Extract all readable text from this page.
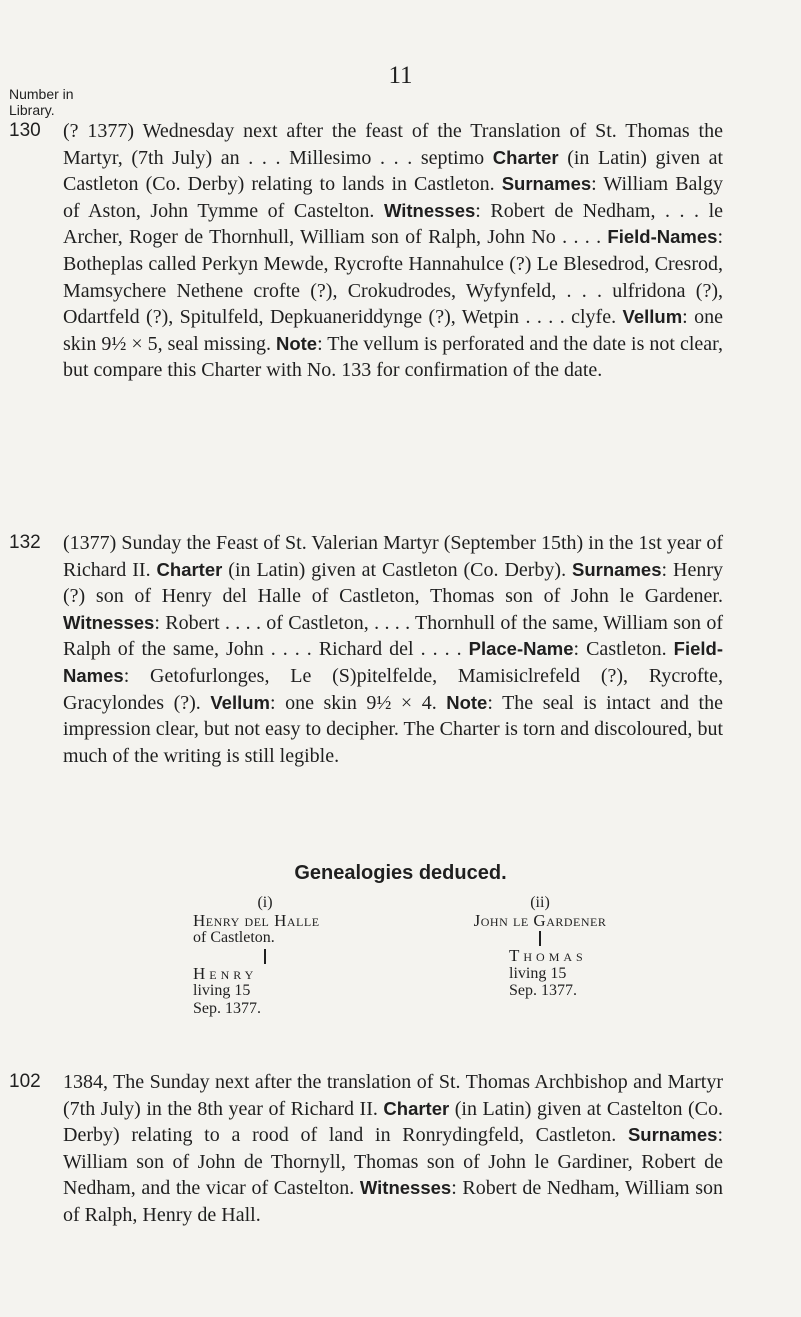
11
Number in
Library.
130 (? 1377) Wednesday next after the feast of the Translation of St. Thomas the Martyr, (7th July) an . . . Millesimo . . . septimo Charter (in Latin) given at Castleton (Co. Derby) relating to lands in Castleton. Surnames: William Balgy of Aston, John Tymme of Castelton. Witnesses: Robert de Nedham, . . . le Archer, Roger de Thornhull, William son of Ralph, John No . . . . Field-Names: Botheplas called Perkyn Mewde, Rycrofte Hannahulce (?) Le Blesedrod, Cresrod, Mamsychere Nethene crofte (?), Crokudrodes, Wyfynfeld, . . . ulfridona (?), Odartfeld (?), Spitulfeld, Depkuaneriddynge (?), Wetpin . . . . clyfe. Vellum: one skin 9½ × 5, seal missing. Note: The vellum is perforated and the date is not clear, but compare this Charter with No. 133 for confirmation of the date.
132 (1377) Sunday the Feast of St. Valerian Martyr (September 15th) in the 1st year of Richard II. Charter (in Latin) given at Castleton (Co. Derby). Surnames: Henry (?) son of Henry del Halle of Castleton, Thomas son of John le Gardener. Witnesses: Robert . . . . of Castleton, . . . . Thornhull of the same, William son of Ralph of the same, John . . . . Richard del . . . . Place-Name: Castleton. Field-Names: Getofurlonges, Le (S)pitelfelde, Mamisiclrefeld (?), Rycrofte, Gracylondes (?). Vellum: one skin 9½ × 4. Note: The seal is intact and the impression clear, but not easy to decipher. The Charter is torn and discoloured, but much of the writing is still legible.
Genealogies deduced.
(i)
Henry del Halle
of Castleton.
Henry
living 15
Sep. 1377.
(ii)
John le Gardener
Thomas
living 15
Sep. 1377.
102 1384, The Sunday next after the translation of St. Thomas Archbishop and Martyr (7th July) in the 8th year of Richard II. Charter (in Latin) given at Castelton (Co. Derby) relating to a rood of land in Ronrydingfeld, Castleton. Surnames: William son of John de Thornyll, Thomas son of John le Gardiner, Robert de Nedham, and the vicar of Castelton. Witnesses: Robert de Nedham, William son of Ralph, Henry de Hall.
